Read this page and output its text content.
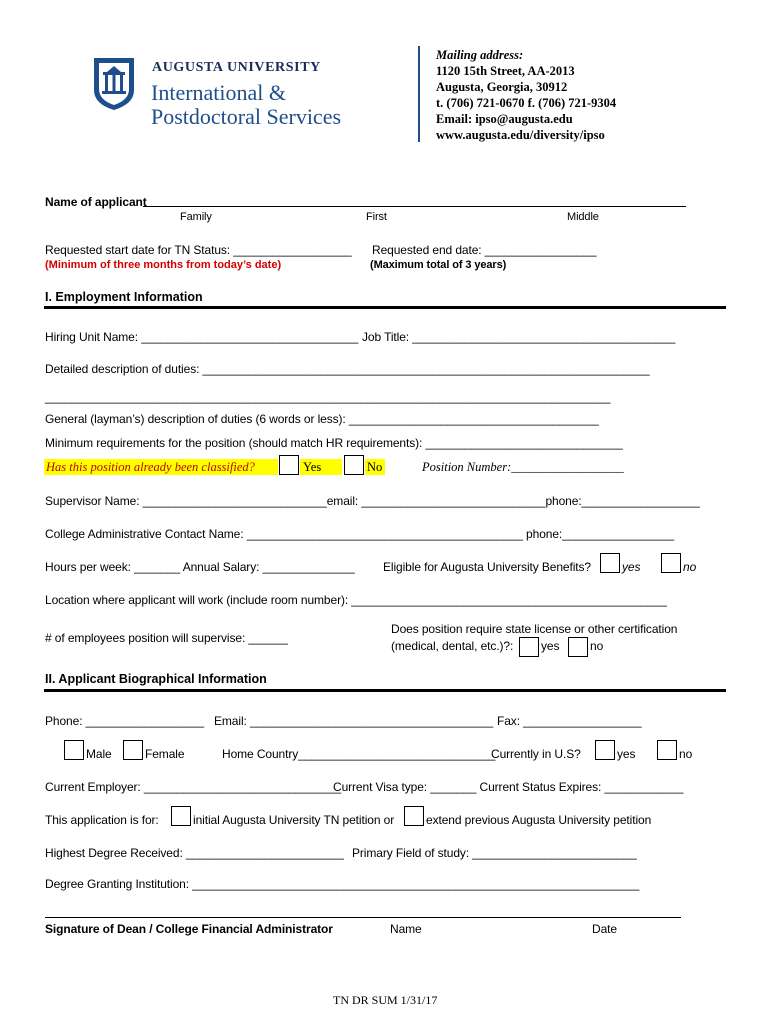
AUGUSTA UNIVERSITY
International &
Postdoctoral Services
Mailing address:
1120 15th Street, AA-2013
Augusta, Georgia, 30912
t. (706) 721-0670 f. (706) 721-9304
Email: ipso@augusta.edu
www.augusta.edu/diversity/ipso
Name of applicant
Family	First	Middle
Requested start date for TN Status: __________________
(Minimum of three months from today’s date)
Requested end date: _________________
(Maximum total of 3 years)
I. Employment Information
Hiring Unit Name: _________________________________ Job Title: ________________________________________
Detailed description of duties: ____________________________________________________________________
______________________________________________________________________________________
General (layman’s) description of duties (6 words or less): ______________________________________
Minimum requirements for the position (should match HR requirements): ______________________________
Has this position already been classified?	Yes	No	Position Number:__________________
Supervisor Name: ____________________________email: ____________________________phone:__________________
College Administrative Contact Name: __________________________________________ phone:_________________
Hours per week: _______ Annual Salary: ______________ Eligible for Augusta University Benefits?	yes	no
Location where applicant will work (include room number): ________________________________________________
# of employees position will supervise: ______
Does position require state license or other certification
(medical, dental, etc.)?: yes	no
II. Applicant Biographical Information
Phone: __________________ Email: _____________________________________ Fax: __________________
Male	Female	Home Country______________________________
Currently in U.S?	yes	no
Current Employer: ______________________________
Current Visa type: _______ Current Status Expires: ____________
This application is for:	initial Augusta University TN petition or	extend previous Augusta University petition
Highest Degree Received: ________________________ Primary Field of study: _________________________
Degree Granting Institution: ____________________________________________________________________
Signature of Dean / College Financial Administrator	Name	Date
TN DR SUM 1/31/17
